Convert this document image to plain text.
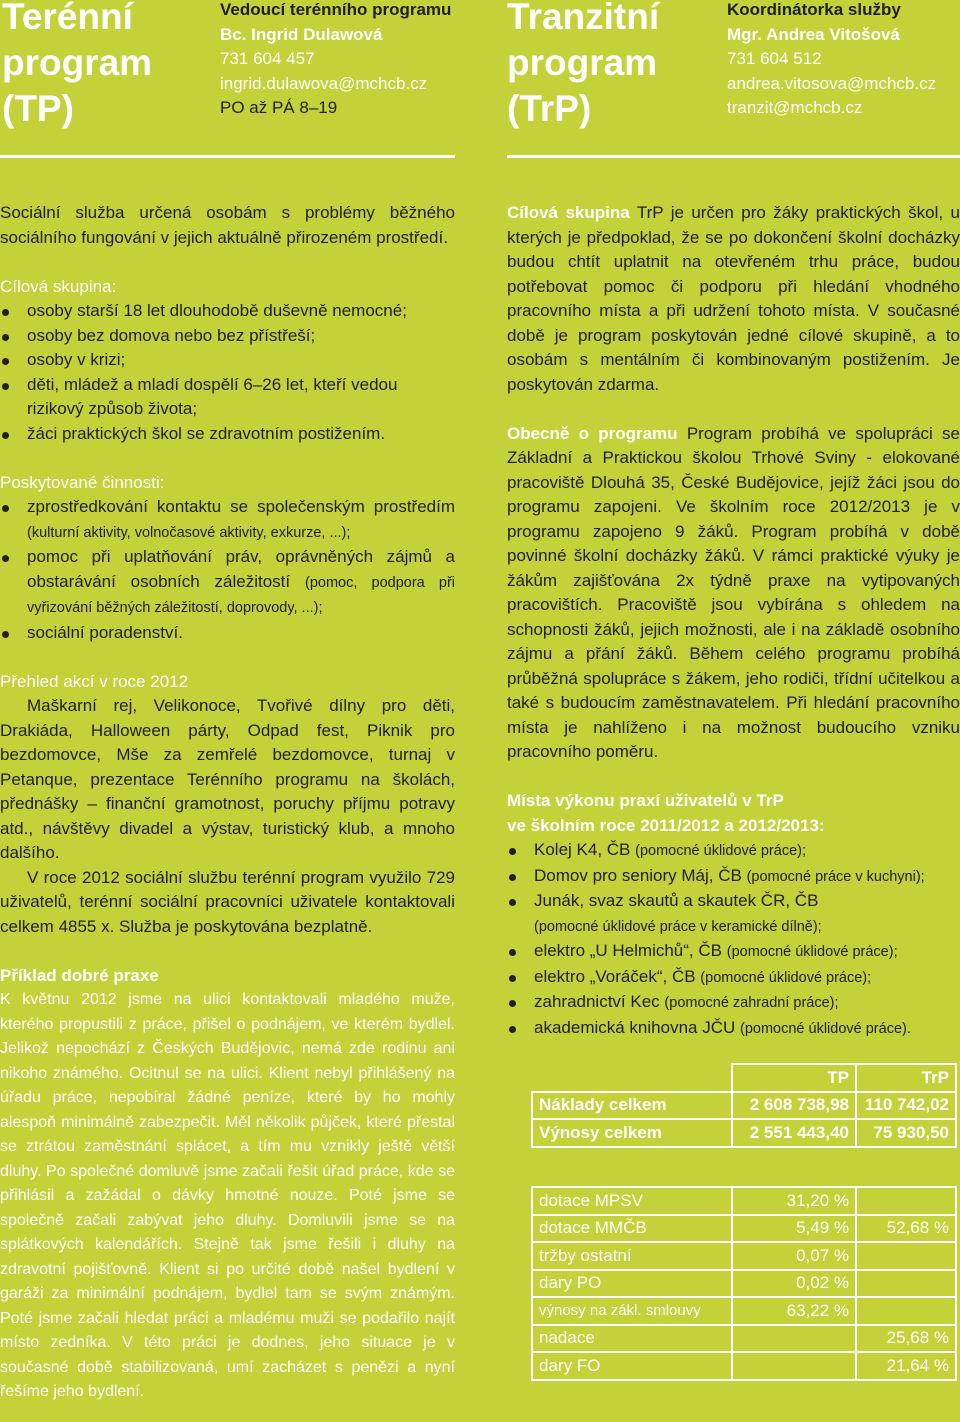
Terénní
program
(TP)
Vedoucí terénního programu
Bc. Ingrid Dulawová
731 604 457
ingrid.dulawova@mchcb.cz
PO až PÁ 8–19

Sociální služba určená osobám s problémy běžného sociálního fungování v jejich aktuálně přirozeném prostředí.

Cílová skupina:
osoby starší 18 let dlouhodobě duševně nemocné;
osoby bez domova nebo bez přístřeší;
osoby v krizi;
děti, mládež a mladí dospělí 6–26 let, kteří vedou rizikový způsob života;
žáci praktických škol se zdravotním postižením.
Poskytované činnosti:
zprostředkování kontaktu se společenským prostředím (kulturní aktivity, volnočasové aktivity, exkurze, ...);
pomoc při uplatňování práv, oprávněných zájmů a obstarávání osobních záležitostí (pomoc, podpora při vyřizování běžných záležitostí, doprovody, ...);
sociální poradenství.
Přehled akcí v roce 2012

Maškarní rej, Velikonoce, Tvořivé dílny pro děti, Drakiáda, Halloween párty, Odpad fest, Piknik pro bezdomovce, Mše za zemřelé bezdomovce, turnaj v Petanque, prezentace Terénního programu na školách, přednášky – finanční gramotnost, poruchy příjmu potravy atd., návštěvy divadel a výstav, turistický klub, a mnoho dalšího.

V roce 2012 sociální službu terénní program využilo 729 uživatelů, terénní sociální pracovníci uživatele kontaktovali celkem 4855 x. Služba je poskytována bezplatně.

Příklad dobré praxe

K květnu 2012 jsme na ulici kontaktovali mladého muže, kterého propustili z práce, přišel o podnájem, ve kterém bydlel. Jelikož nepochází z Českých Budějovic, nemá zde rodinu ani nikoho známého. Ocitnul se na ulici. Klient nebyl přihlášený na úřadu práce, nepobíral žádné peníze, které by ho mohly alespoň minimálně zabezpečit. Měl několik půjček, které přestal se ztrátou zaměstnání splácet, a tím mu vznikly ještě větší dluhy. Po společné domluvě jsme začali řešit úřad práce, kde se přihlásil a zažádal o dávky hmotné nouze. Poté jsme se společně začali zabývat jeho dluhy. Domluvili jsme se na splátkových kalendářích. Stejně tak jsme řešili i dluhy na zdravotní pojišťovně. Klient si po určité době našel bydlení v garáži za minimální podnájem, bydlel tam se svým známým. Poté jsme začali hledat práci a mladému muži se podařilo najít místo zedníka. V této práci je dodnes, jeho situace je v současné době stabilizovaná, umí zacházet s penězi a nyní řešíme jeho bydlení.

Tranzitní
program
(TrP)
Koordinátorka služby
Mgr. Andrea Vitošová
731 604 512
andrea.vitosova@mchcb.cz
tranzit@mchcb.cz

Cílová skupina TrP je určen pro žáky praktických škol, u kterých je předpoklad, že se po dokončení školní docházky budou chtít uplatnit na otevřeném trhu práce, budou potřebovat pomoc či podporu při hledání vhodného pracovního místa a při udržení tohoto místa. V současné době je program poskytován jedné cílové skupině, a to osobám s mentálním či kombinovaným postižením. Je poskytován zdarma.

Obecně o programu Program probíhá ve spolupráci se Základní a Praktickou školou Trhové Sviny - elokované pracoviště Dlouhá 35, České Budějovice, jejíž žáci jsou do programu zapojeni. Ve školním roce 2012/2013 je v programu zapojeno 9 žáků. Program probíhá v době povinné školní docházky žáků. V rámci praktické výuky je žákům zajišťována 2x týdně praxe na vytipovaných pracovištích. Pracoviště jsou vybírána s ohledem na schopnosti žáků, jejich možnosti, ale i na základě osobního zájmu a přání žáků. Během celého programu probíhá průběžná spolupráce s žákem, jeho rodiči, třídní učitelkou a také s budoucím zaměstnavatelem. Při hledání pracovního místa je nahlíženo i na možnost budoucího vzniku pracovního poměru.

Místa výkonu praxí uživatelů v TrP
ve školním roce 2011/2012 a 2012/2013:
Kolej K4, ČB (pomocné úklidové práce);
Domov pro seniory Máj, ČB (pomocné práce v kuchyni);
Junák, svaz skautů a skautek ČR, ČB
(pomocné úklidové práce v keramické dílně);
elektro „U Helmichů“, ČB (pomocné úklidové práce);
elektro „Voráček“, ČB (pomocné úklidové práce);
zahradnictví Kec (pomocné zahradní práce);
akademická knihovna JČU (pomocné úklidové práce).
	TP	TrP
Náklady celkem	2 608 738,98	110 742,02
Výnosy celkem	2 551 443,40	75 930,50
dotace MPSV	31,20 %	
dotace MMČB	5,49 %	52,68 %
tržby ostatní	0,07 %	
dary PO	0,02 %	
výnosy na zákl. smlouvy	63,22 %	
nadace		25,68 %
dary FO		21,64 %
